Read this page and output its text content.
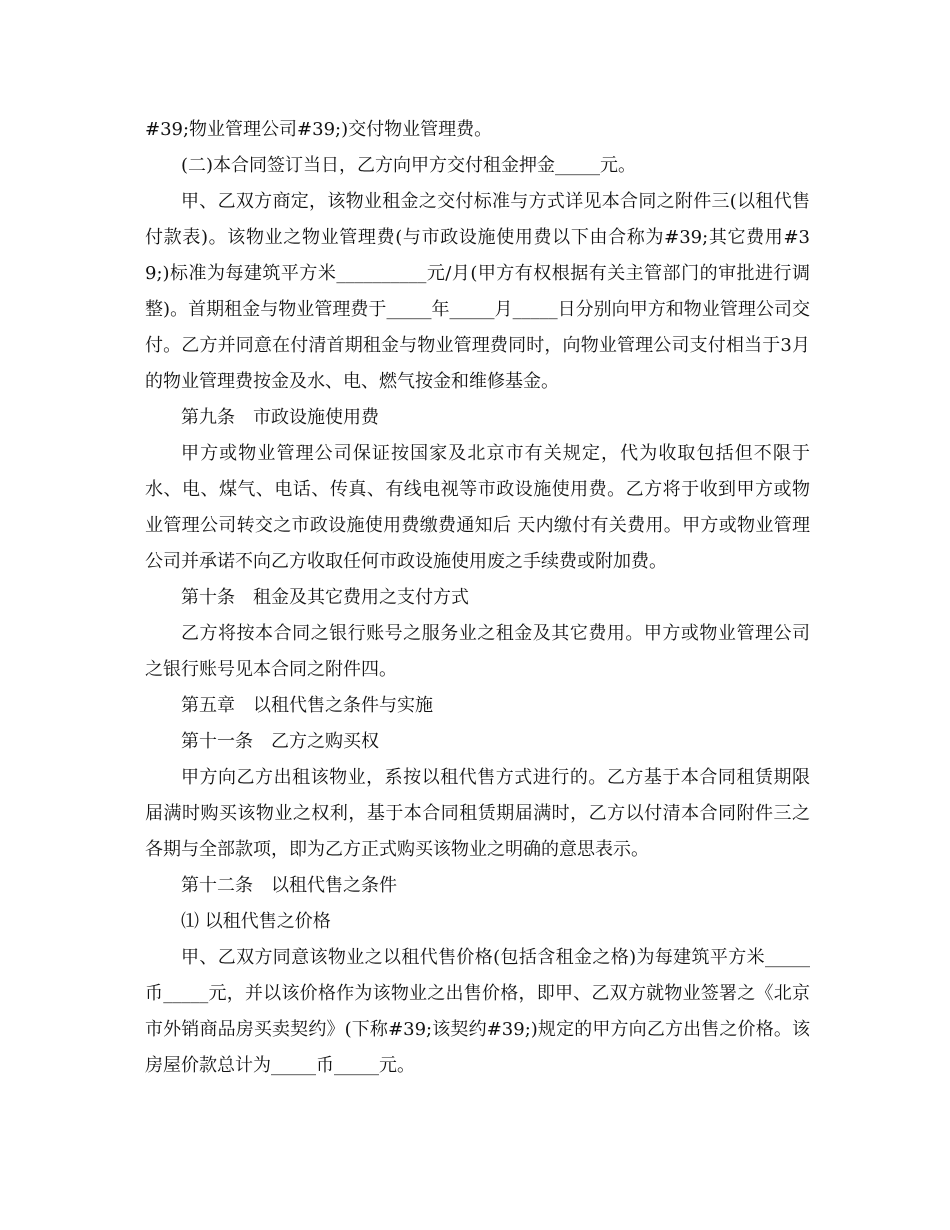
#39;物业管理公司#39;)交付物业管理费。

(二)本合同签订当日，乙方向甲方交付租金押金_____元。

甲、乙双方商定，该物业租金之交付标准与方式详见本合同之附件三(以租代售付款表)。该物业之物业管理费(与市政设施使用费以下由合称为#39;其它费用#39;)标准为每建筑平方米__________元/月(甲方有权根据有关主管部门的审批进行调整)。首期租金与物业管理费于_____年_____月_____日分别向甲方和物业管理公司交付。乙方并同意在付清首期租金与物业管理费同时，向物业管理公司支付相当于3月的物业管理费按金及水、电、燃气按金和维修基金。

第九条　市政设施使用费

甲方或物业管理公司保证按国家及北京市有关规定，代为收取包括但不限于水、电、煤气、电话、传真、有线电视等市政设施使用费。乙方将于收到甲方或物业管理公司转交之市政设施使用费缴费通知后 天内缴付有关费用。甲方或物业管理公司并承诺不向乙方收取任何市政设施使用废之手续费或附加费。

第十条　租金及其它费用之支付方式

乙方将按本合同之银行账号之服务业之租金及其它费用。甲方或物业管理公司之银行账号见本合同之附件四。

第五章　以租代售之条件与实施

第十一条　乙方之购买权

甲方向乙方出租该物业，系按以租代售方式进行的。乙方基于本合同租赁期限届满时购买该物业之权利，基于本合同租赁期届满时，乙方以付清本合同附件三之各期与全部款项，即为乙方正式购买该物业之明确的意思表示。

第十二条　以租代售之条件

⑴ 以租代售之价格

甲、乙双方同意该物业之以租代售价格(包括含租金之格)为每建筑平方米_____币_____元，并以该价格作为该物业之出售价格，即甲、乙双方就物业签署之《北京市外销商品房买卖契约》(下称#39;该契约#39;)规定的甲方向乙方出售之价格。该房屋价款总计为_____币_____元。
